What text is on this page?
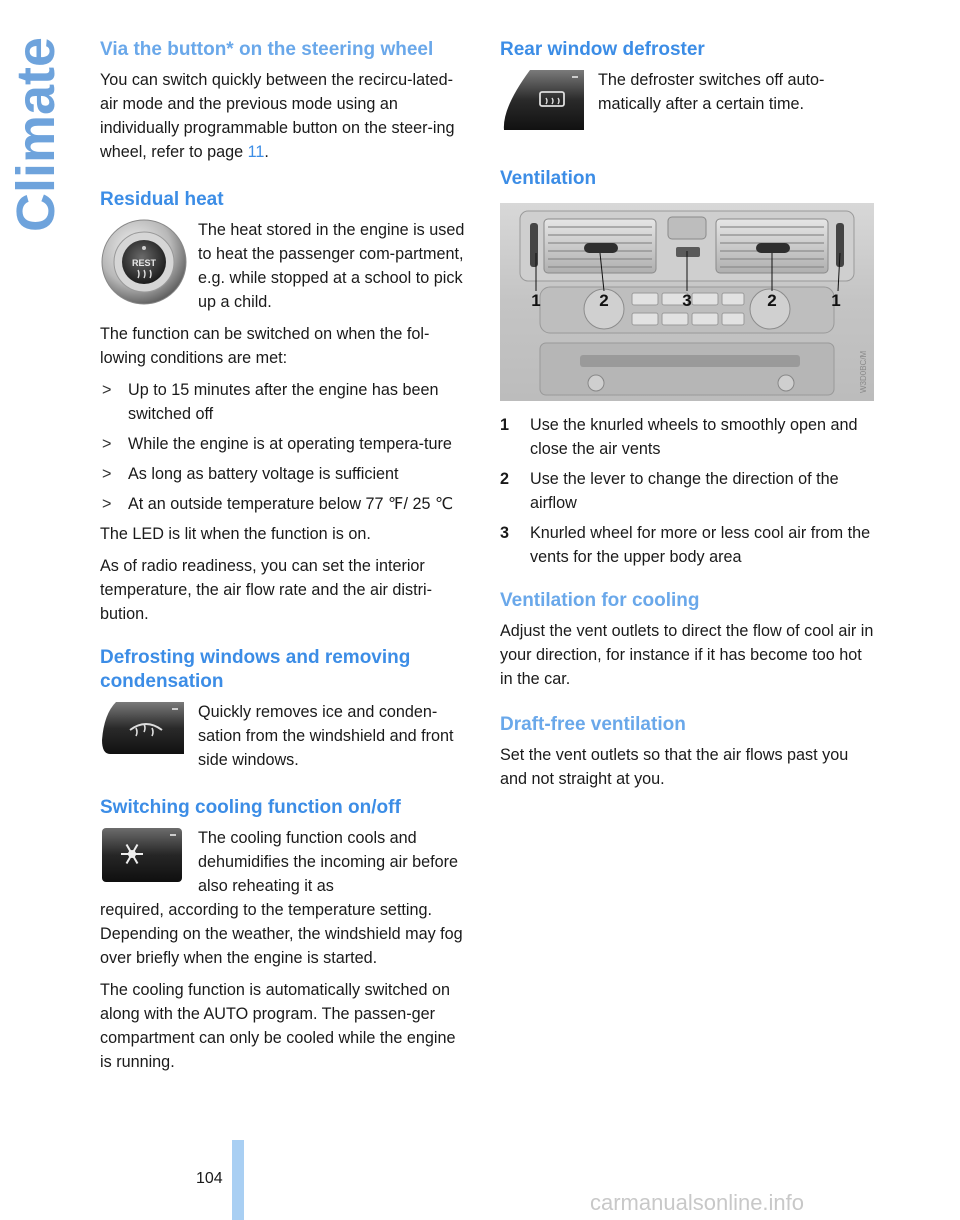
Climate Via the button* on the steering wheel

You can switch quickly between the recircu-lated-air mode and the previous mode using an individually programmable button on the steer-ing wheel, refer to page 11.

Residual heat
REST

The heat stored in the engine is used to heat the passenger com-partment, e.g. while stopped at a school to pick up a child.

The function can be switched on when the fol-lowing conditions are met:

> Up to 15 minutes after the engine has been switched off
> While the engine is at operating tempera-ture
> As long as battery voltage is sufficient
> At an outside temperature below 77 ℉/ 25 ℃

The LED is lit when the function is on.

As of radio readiness, you can set the interior temperature, the air flow rate and the air distri-bution.

Defrosting windows and removing condensation

Quickly removes ice and conden-sation from the windshield and front side windows.

Switching cooling function on/off

The cooling function cools and dehumidifies the incoming air before also reheating it as

required, according to the temperature setting. Depending on the weather, the windshield may fog over briefly when the engine is started.

The cooling function is automatically switched on along with the AUTO program. The passen-ger compartment can only be cooled while the engine is running.

Rear window defroster

The defroster switches off auto-matically after a certain time.

Ventilation
1	2	3	2	1
W3D0BC/M
1 Use the knurled wheels to smoothly open and close the air vents
2 Use the lever to change the direction of the airflow
3 Knurled wheel for more or less cool air from the vents for the upper body area
Ventilation for cooling

Adjust the vent outlets to direct the flow of cool air in your direction, for instance if it has become too hot in the car.

Draft-free ventilation

Set the vent outlets so that the air flows past you and not straight at you.

104
carmanualsonline.info
